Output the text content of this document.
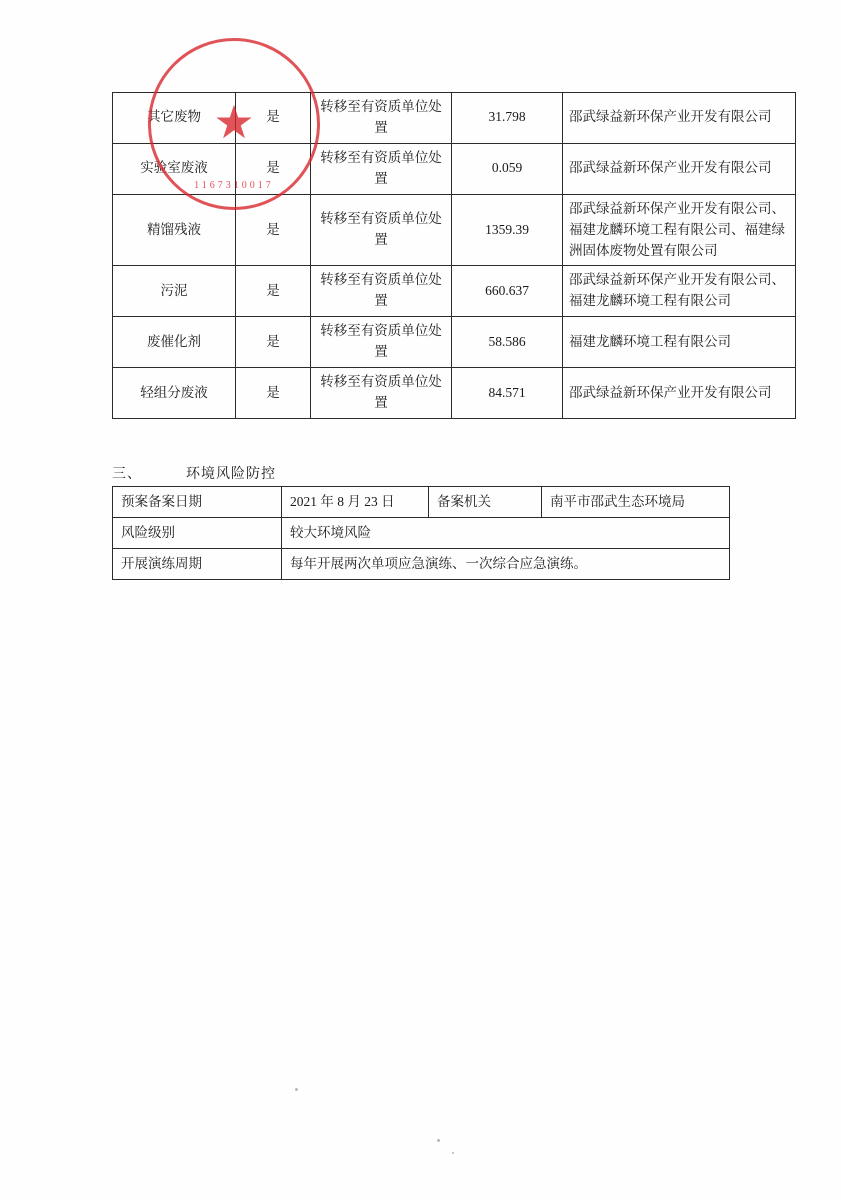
其它废物	是	转移至有资质单位处置	31.798	邵武绿益新环保产业开发有限公司
实验室废液	是	转移至有资质单位处置	0.059	邵武绿益新环保产业开发有限公司
精馏残液	是	转移至有资质单位处置	1359.39	邵武绿益新环保产业开发有限公司、福建龙麟环境工程有限公司、福建绿洲固体废物处置有限公司
污泥	是	转移至有资质单位处置	660.637	邵武绿益新环保产业开发有限公司、福建龙麟环境工程有限公司
废催化剂	是	转移至有资质单位处置	58.586	福建龙麟环境工程有限公司
轻组分废液	是	转移至有资质单位处置	84.571	邵武绿益新环保产业开发有限公司
三、	环境风险防控
预案备案日期	2021 年 8 月 23 日	备案机关	南平市邵武生态环境局
风险级别	较大环境风险		
开展演练周期	每年开展两次单项应急演练、一次综合应急演练。		
★
1167310017
